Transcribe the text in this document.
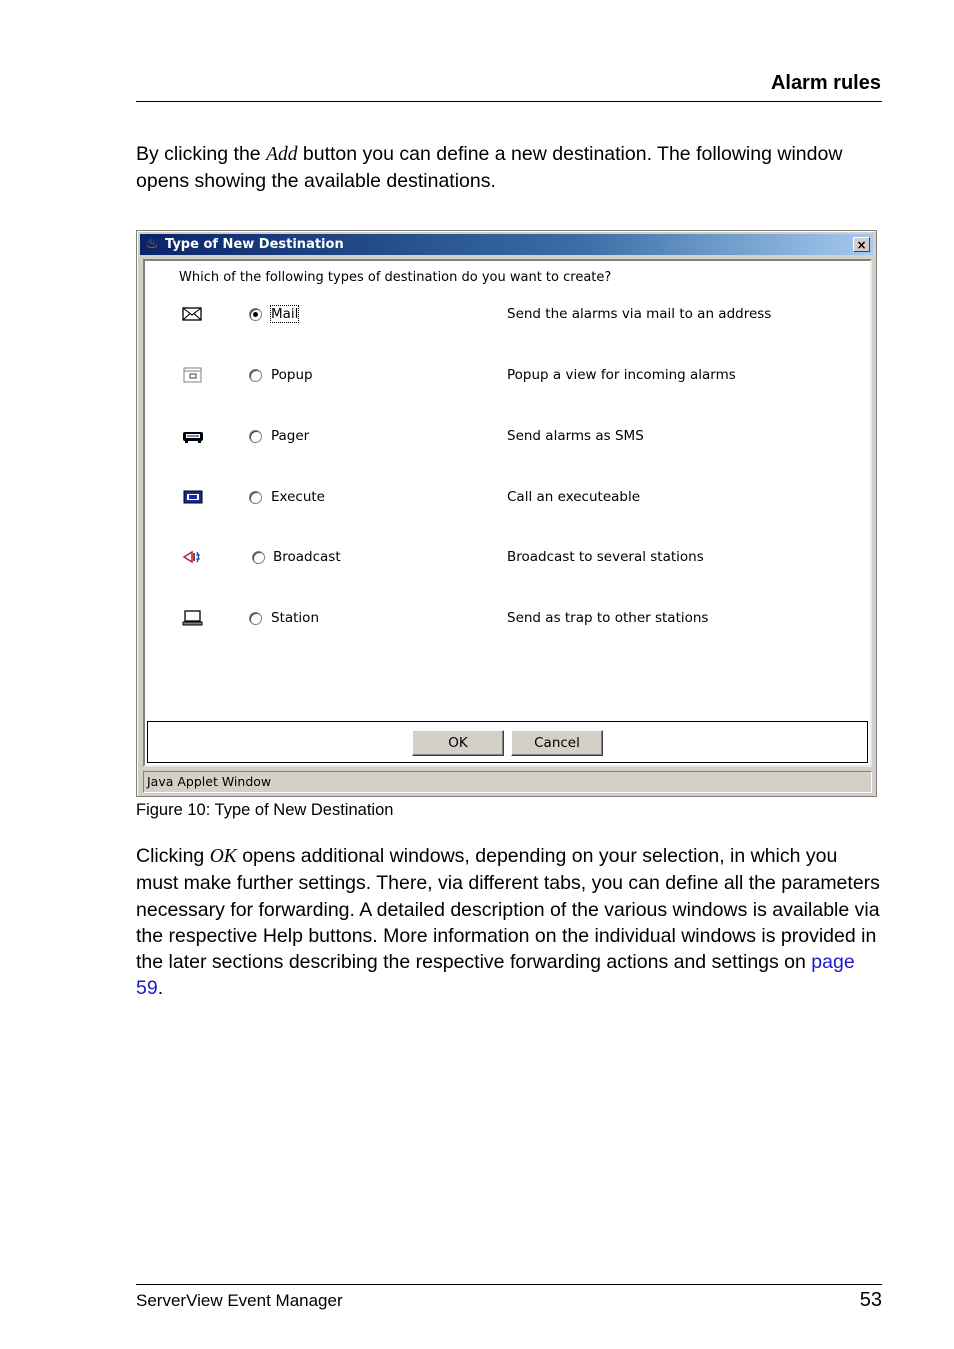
Alarm rules

By clicking the Add button you can define a new destination. The following window opens showing the available destinations.

♨ Type of New Destination	×
Which of the following types of destination do you want to create?
Mail	Send the alarms via mail to an address
Popup	Popup a view for incoming alarms
Pager	Send alarms as SMS
Execute	Call an executeable
Broadcast	Broadcast to several stations
Station	Send as trap to other stations
OK	Cancel
Java Applet Window
Figure 10: Type of New Destination

Clicking OK opens additional windows, depending on your selection, in which you must make further settings. There, via different tabs, you can define all the parameters necessary for forwarding. A detailed description of the various windows is available via the respective Help buttons. More information on the individual windows is provided in the later sections describing the respective forwarding actions and settings on page 59.

ServerView Event Manager	53
